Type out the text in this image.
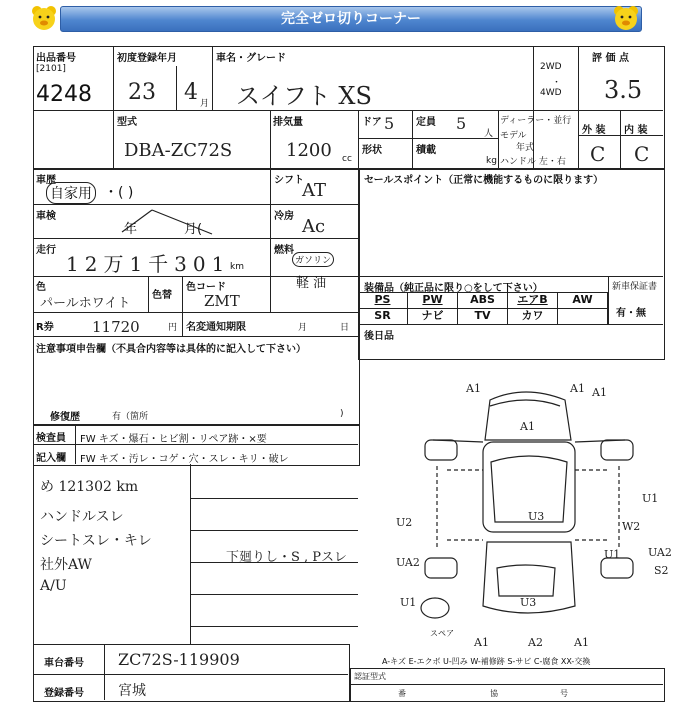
完全ゼロ切りコーナー
出品番号
[2101]
4248
初度登録年月
23 4 月
車名・グレード
スイフト XS
2WD
・
4WD
評 価 点
3.5
型式
DBA-ZC72S
排気量
1200 cc
ドア 5 定員 5
人
形状	積載
kg
ディーラー・並行
モデル
年式
ハンドル 左・右
外 装 内 装
C C
車歴
自家用 ・( )
シフト
AT
車検
年	月(
冷房 Ac
走行
12万1千301 km
燃料
ガソリン
軽 油
色
パールホワイト
色替
色コード
ZMT
R券	11720	円 名変通知期限	月	日
注意事項申告欄（不具合内容等は具体的に記入して下さい）
修復歴	有（箇所	)
セールスポイント（正常に機能するものに限ります）
装備品（純正品に限り○をして下さい）	新車保証書
有・無
PS	PW	ABS	エアB	AW
SR	ナビ	TV	カワ
後日品
検査員
記入欄
FW キズ・爆石・ヒビ割・リペア跡・×要
FW キズ・汚レ・コゲ・穴・スレ・キリ・破レ
め 121302 km
ハンドルスレ
シートスレ・キレ
社外AW
A/U
下廻りし・S , Pスレ
A1	A1
A1
A1
U2	U3
U1
W2
UA2
UA2
S2
U1
A1	A2	A1
U3
U1
スペア
A-キズ E-エクボ U-凹み W-補修跡 S-サビ C-腐食 XX-交換
車台番号 ZC72S-119909
登録番号 宮城
認証型式
番	協	号
